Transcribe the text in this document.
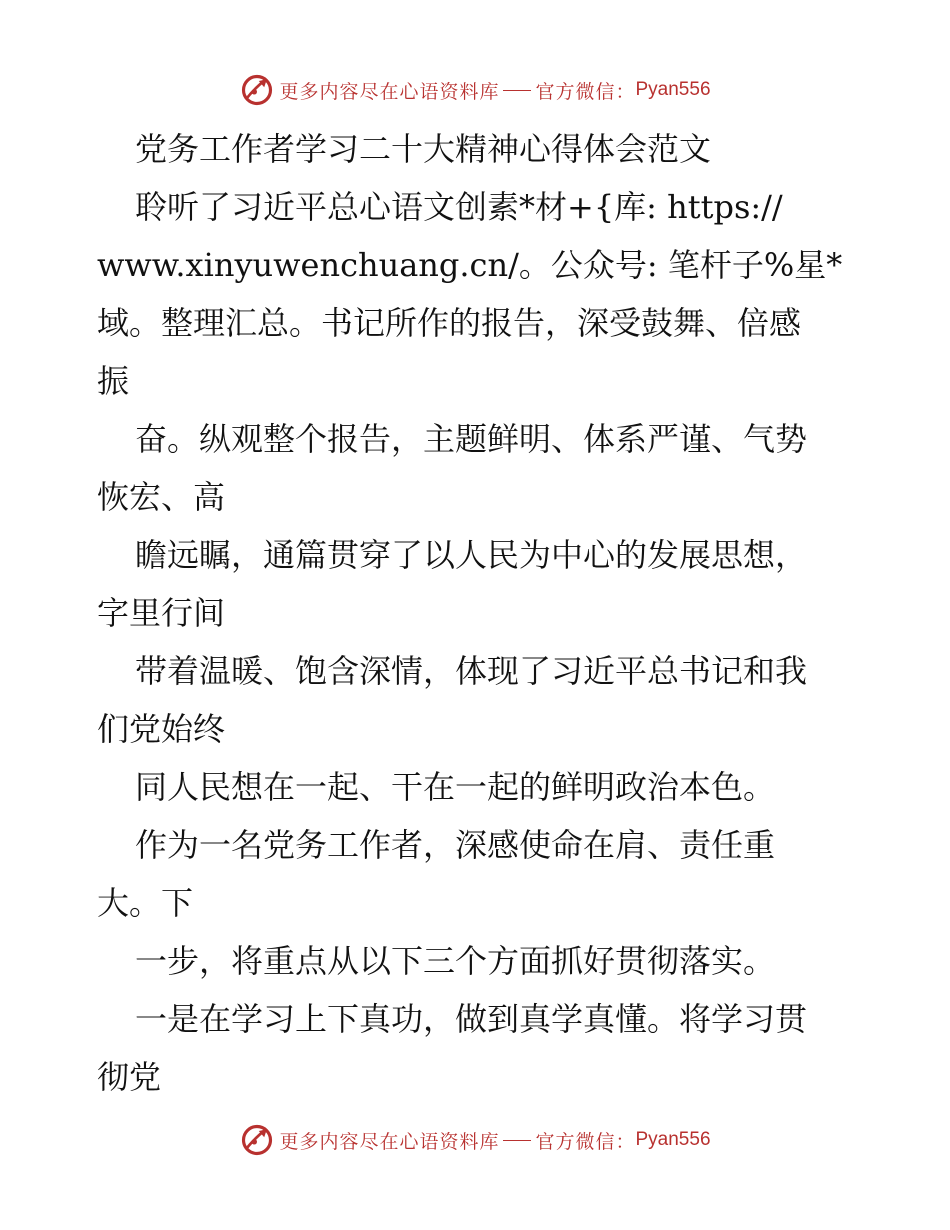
更多内容尽在心语资料库 官方微信： Pyan556
党务工作者学习二十大精神心得体会范文
聆听了习近平总心语文创素*材+{库: https://
www.xinyuwenchuang.cn/。公众号: 笔杆子%星*
域。整理汇总。书记所作的报告，深受鼓舞、倍感
振
奋。纵观整个报告，主题鲜明、体系严谨、气势
恢宏、高
瞻远瞩，通篇贯穿了以人民为中心的发展思想，
字里行间
带着温暖、饱含深情，体现了习近平总书记和我
们党始终
同人民想在一起、干在一起的鲜明政治本色。
作为一名党务工作者，深感使命在肩、责任重
大。下
一步，将重点从以下三个方面抓好贯彻落实。
一是在学习上下真功，做到真学真懂。将学习贯
彻党
更多内容尽在心语资料库 官方微信： Pyan556
